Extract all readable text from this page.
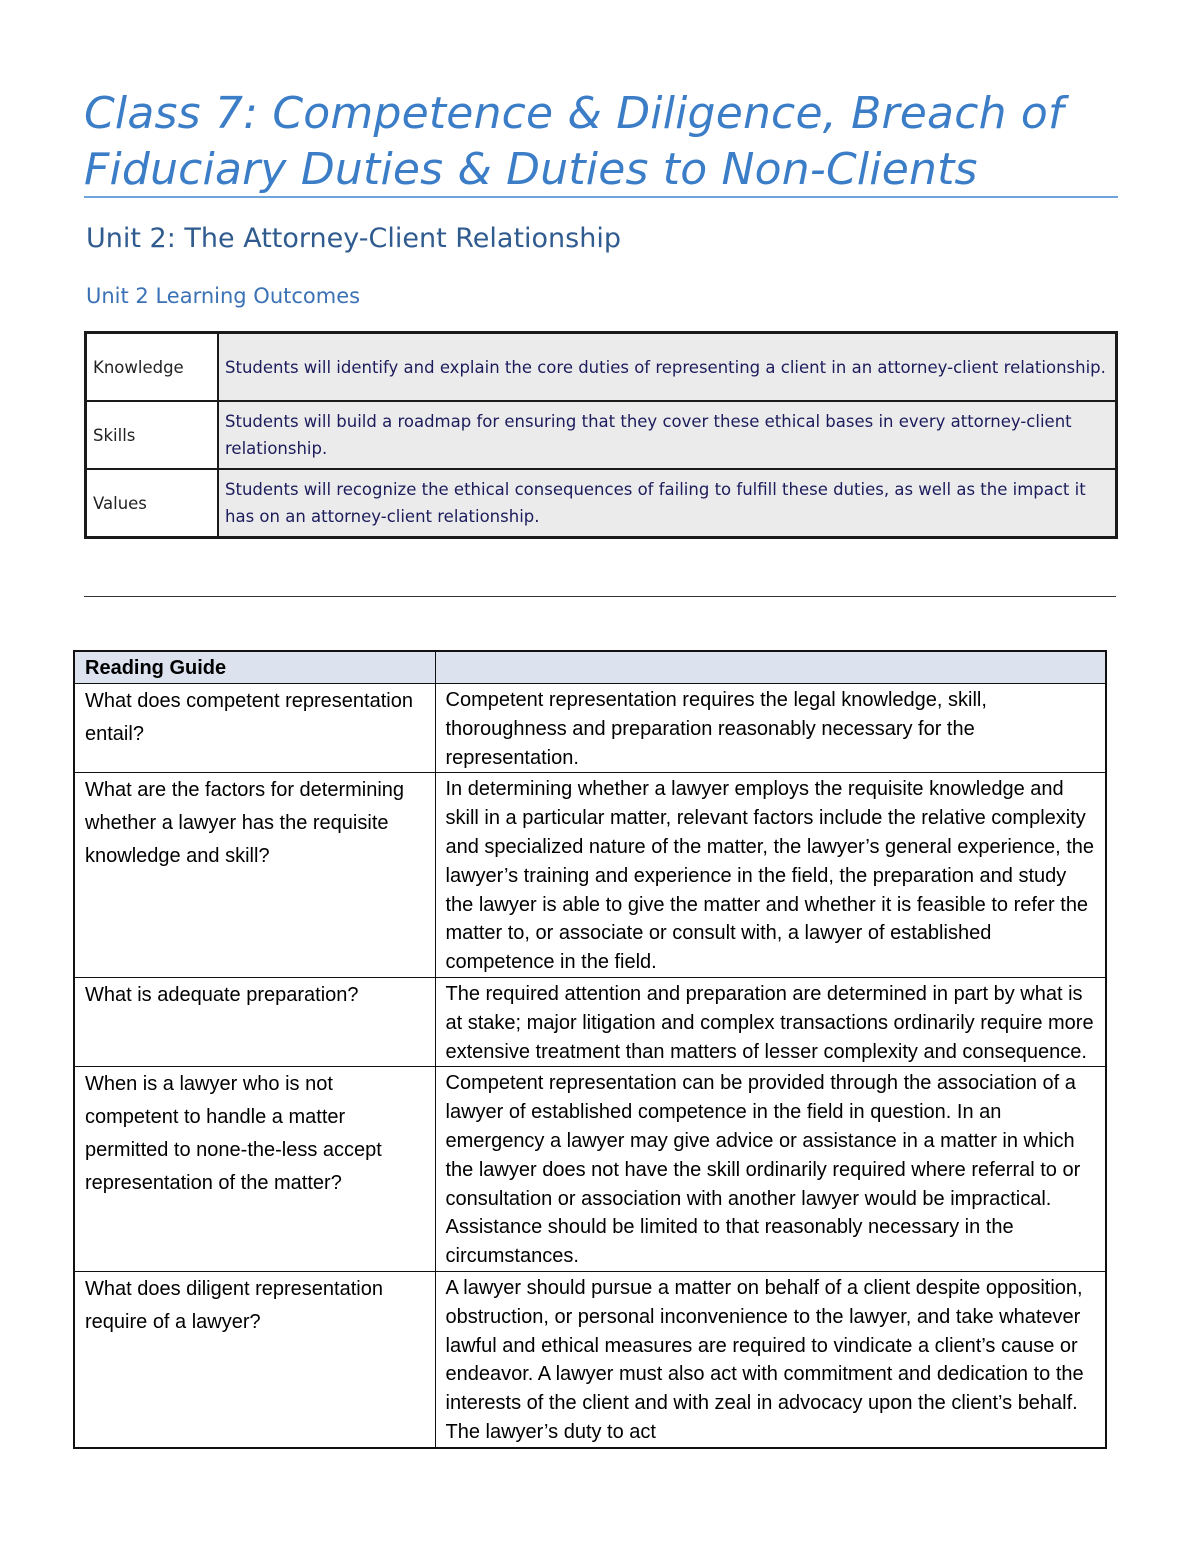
Class 7: Competence & Diligence, Breach of Fiduciary Duties & Duties to Non-Clients
Unit 2: The Attorney-Client Relationship
Unit 2 Learning Outcomes
Knowledge	Students will identify and explain the core duties of representing a client in an attorney-client relationship.
Skills	Students will build a roadmap for ensuring that they cover these ethical bases in every attorney-client relationship.
Values	Students will recognize the ethical consequences of failing to fulfill these duties, as well as the impact it has on an attorney-client relationship.
Reading Guide	
What does competent representation entail?	Competent representation requires the legal knowledge, skill, thoroughness and preparation reasonably necessary for the representation.
What are the factors for determining whether a lawyer has the requisite knowledge and skill?	In determining whether a lawyer employs the requisite knowledge and skill in a particular matter, relevant factors include the relative complexity and specialized nature of the matter, the lawyer’s general experience, the lawyer’s training and experience in the field, the preparation and study the lawyer is able to give the matter and whether it is feasible to refer the matter to, or associate or consult with, a lawyer of established competence in the field.
What is adequate preparation?	The required attention and preparation are determined in part by what is at stake; major litigation and complex transactions ordinarily require more extensive treatment than matters of lesser complexity and consequence.
When is a lawyer who is not competent to handle a matter permitted to none-the-less accept representation of the matter?	Competent representation can be provided through the association of a lawyer of established competence in the field in question. In an emergency a lawyer may give advice or assistance in a matter in which the lawyer does not have the skill ordinarily required where referral to or consultation or association with another lawyer would be impractical. Assistance should be limited to that reasonably necessary in the circumstances.
What does diligent representation require of a lawyer?	A lawyer should pursue a matter on behalf of a client despite opposition, obstruction, or personal inconvenience to the lawyer, and take whatever lawful and ethical measures are required to vindicate a client’s cause or endeavor. A lawyer must also act with commitment and dedication to the interests of the client and with zeal in advocacy upon the client’s behalf. The lawyer’s duty to act
